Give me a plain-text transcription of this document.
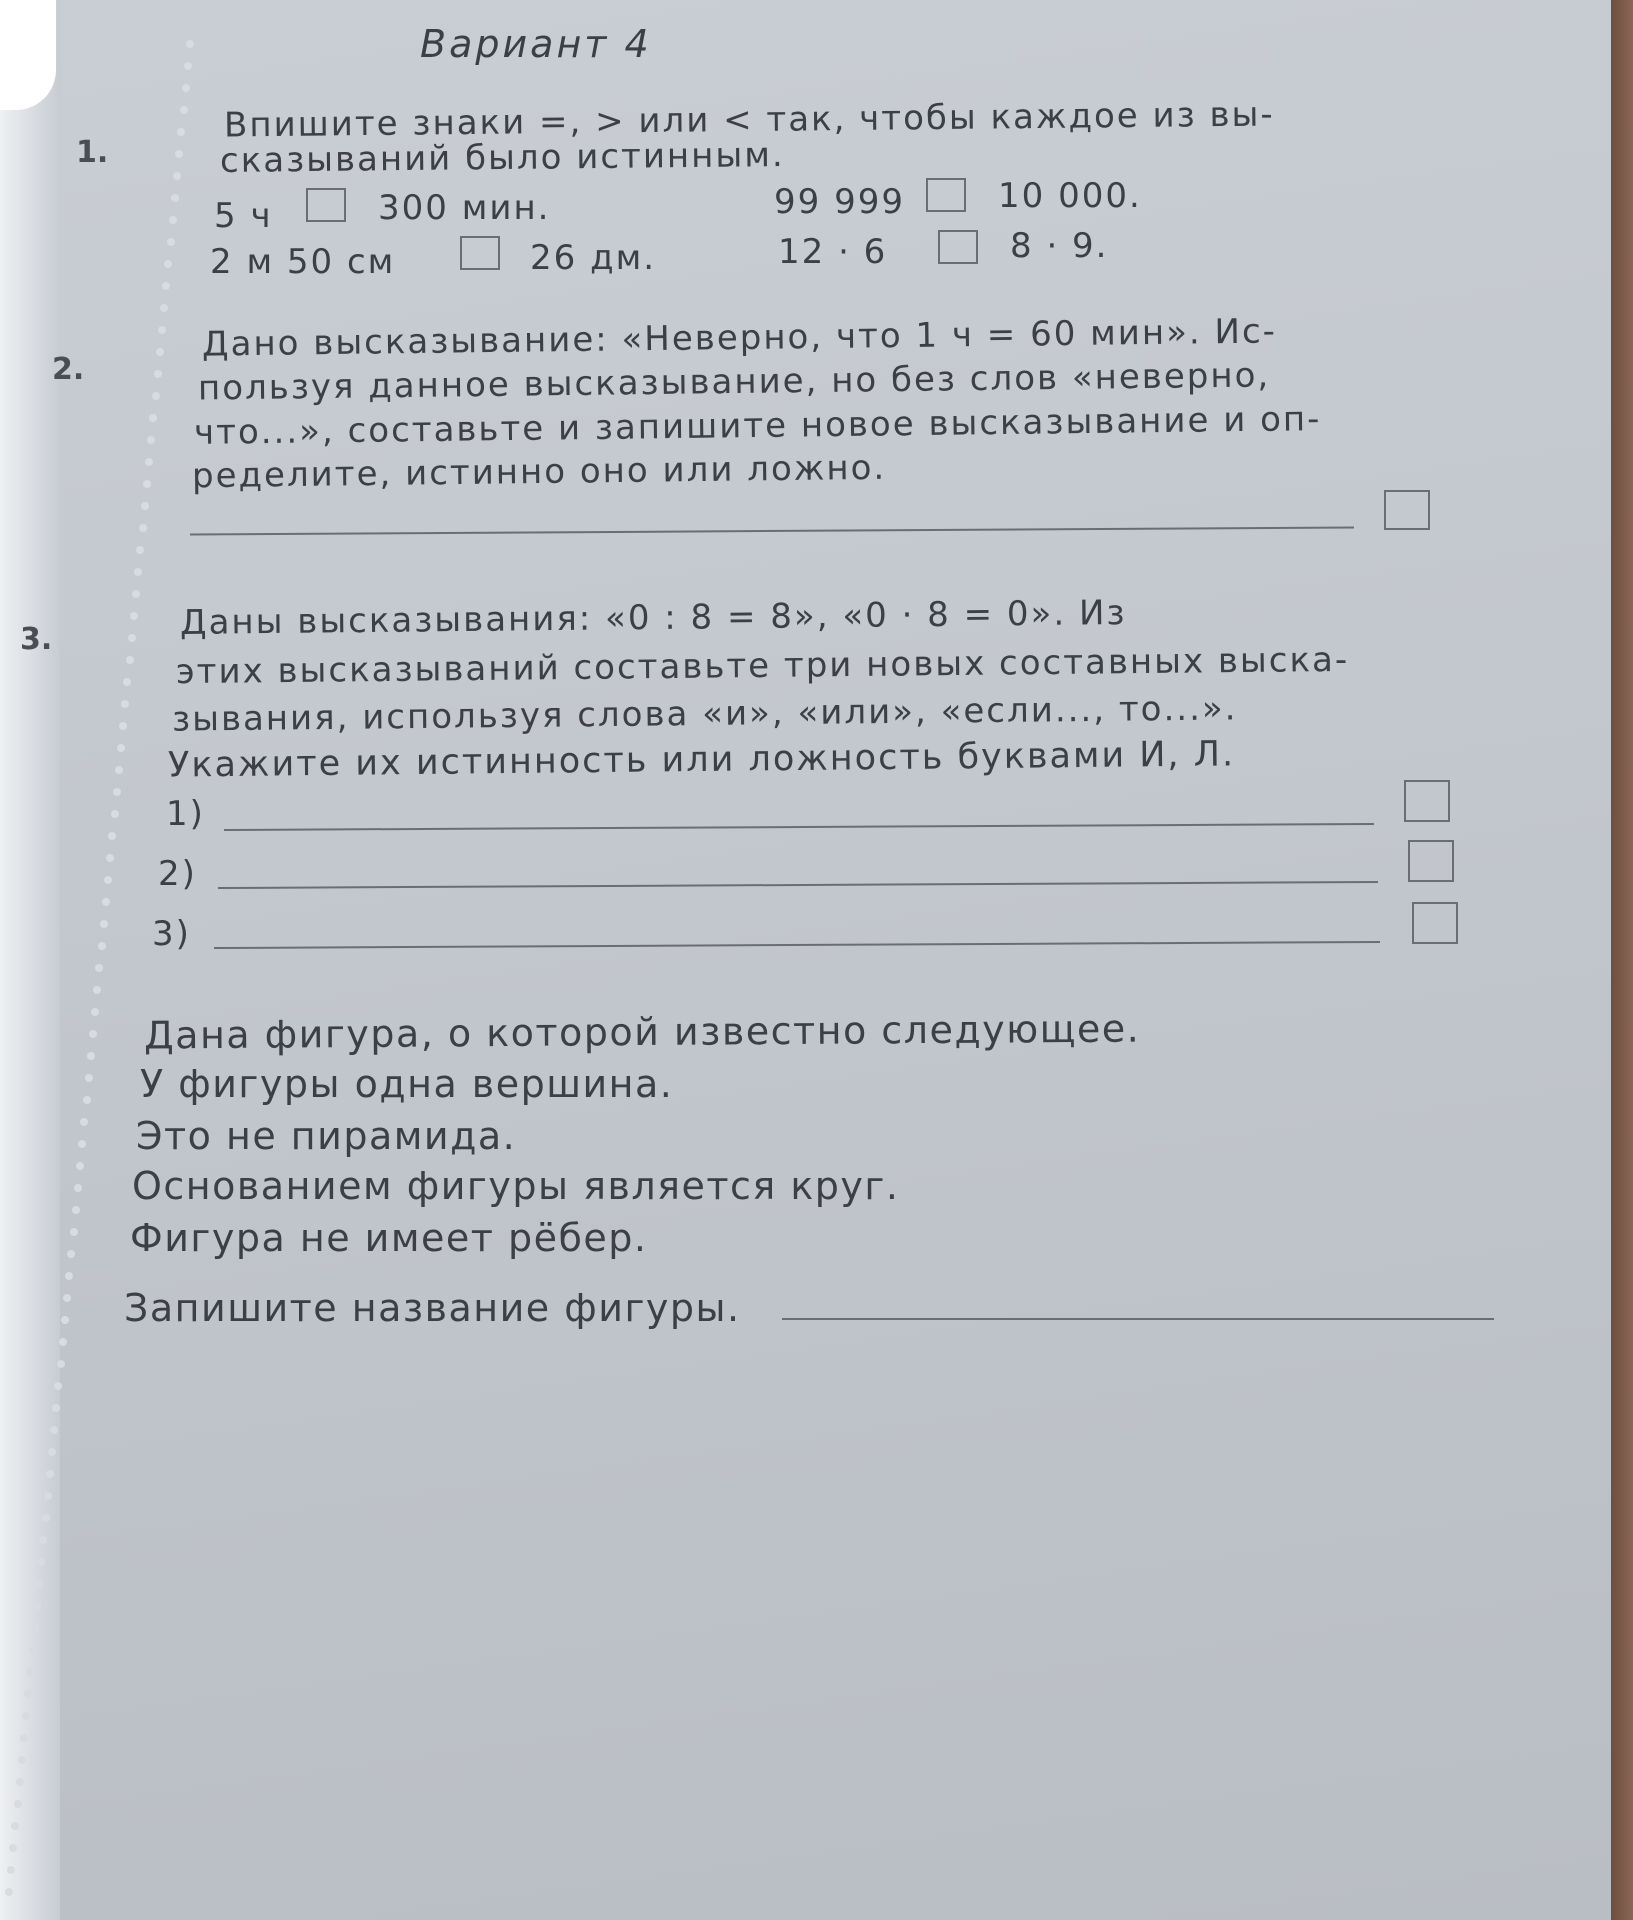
Вариант 4
1.
Впишите знаки =, > или < так, чтобы каждое из вы-
сказываний было истинным.
5 ч	300 мин.	99 999	10 000.
2 м 50 см	26 дм.	12 · 6	8 · 9.
2.
Дано высказывание: «Неверно, что 1 ч = 60 мин». Ис-
пользуя данное высказывание, но без слов «неверно,
что...», составьте и запишите новое высказывание и оп-
ределите, истинно оно или ложно.
3.	Даны высказывания: «0 : 8 = 8», «0 · 8 = 0». Из
этих высказываний составьте три новых составных выска-
зывания, используя слова «и», «или», «если..., то...».
Укажите их истинность или ложность буквами И, Л.
1)
2)
3)
Дана фигура, о которой известно следующее.
У фигуры одна вершина.
Это не пирамида.
Основанием фигуры является круг.
Фигура не имеет рёбер.
Запишите название фигуры.
